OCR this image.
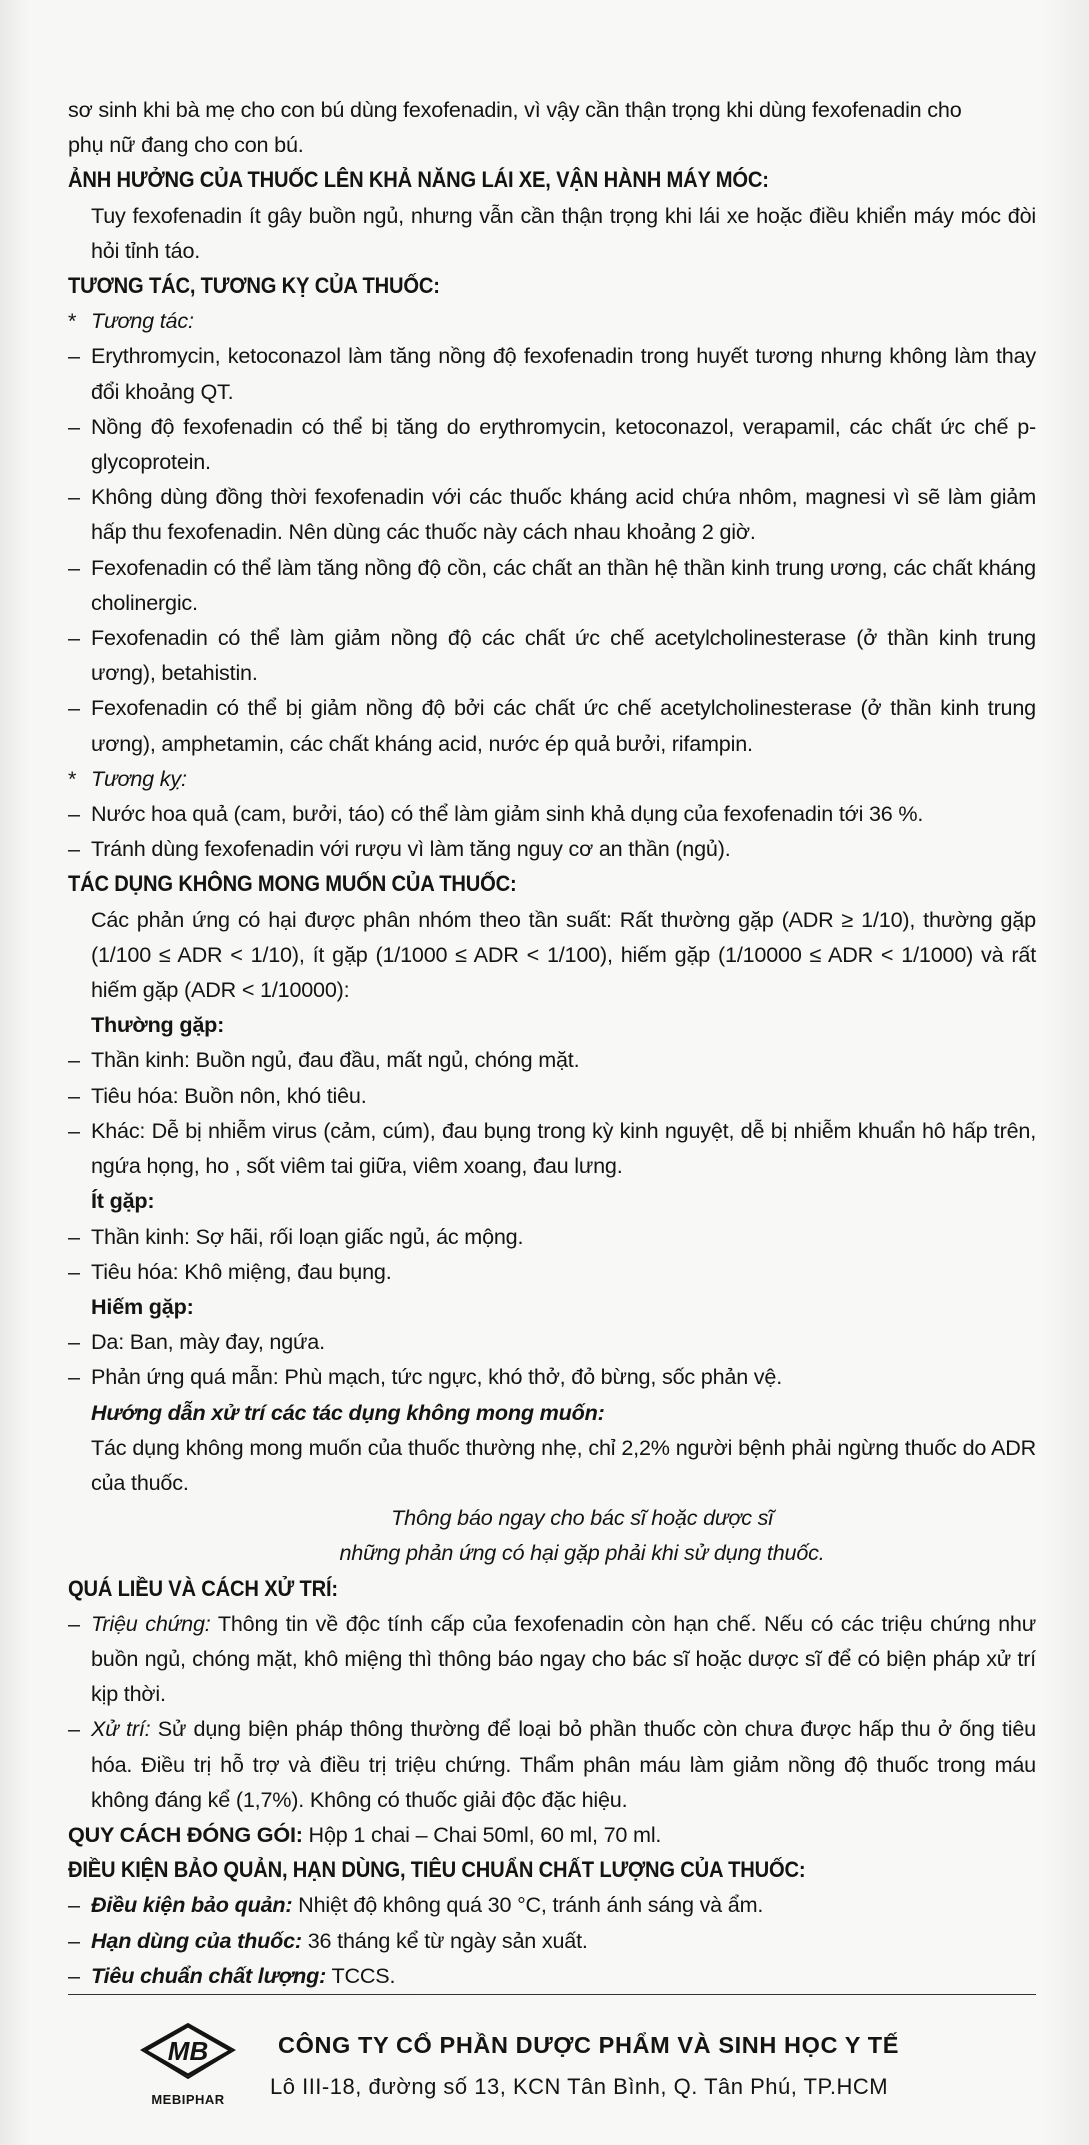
sơ sinh khi bà mẹ cho con bú dùng fexofenadin, vì vậy cần thận trọng khi dùng fexofenadin cho

phụ nữ đang cho con bú.

ẢNH HƯỞNG CỦA THUỐC LÊN KHẢ NĂNG LÁI XE, VẬN HÀNH MÁY MÓC:

Tuy fexofenadin ít gây buồn ngủ, nhưng vẫn cần thận trọng khi lái xe hoặc điều khiển máy móc đòi hỏi tỉnh táo.

TƯƠNG TÁC, TƯƠNG KỴ CỦA THUỐC:

* Tương tác:

– Erythromycin, ketoconazol làm tăng nồng độ fexofenadin trong huyết tương nhưng không làm thay đổi khoảng QT.

– Nồng độ fexofenadin có thể bị tăng do erythromycin, ketoconazol, verapamil, các chất ức chế p-glycoprotein.

– Không dùng đồng thời fexofenadin với các thuốc kháng acid chứa nhôm, magnesi vì sẽ làm giảm hấp thu fexofenadin. Nên dùng các thuốc này cách nhau khoảng 2 giờ.

– Fexofenadin có thể làm tăng nồng độ cồn, các chất an thần hệ thần kinh trung ương, các chất kháng cholinergic.

– Fexofenadin có thể làm giảm nồng độ các chất ức chế acetylcholinesterase (ở thần kinh trung ương), betahistin.

– Fexofenadin có thể bị giảm nồng độ bởi các chất ức chế acetylcholinesterase (ở thần kinh trung ương), amphetamin, các chất kháng acid, nước ép quả bưởi, rifampin.

* Tương kỵ:

– Nước hoa quả (cam, bưởi, táo) có thể làm giảm sinh khả dụng của fexofenadin tới 36 %.

– Tránh dùng fexofenadin với rượu vì làm tăng nguy cơ an thần (ngủ).

TÁC DỤNG KHÔNG MONG MUỐN CỦA THUỐC:

Các phản ứng có hại được phân nhóm theo tần suất: Rất thường gặp (ADR ≥ 1/10), thường gặp (1/100 ≤ ADR < 1/10), ít gặp (1/1000 ≤ ADR < 1/100), hiếm gặp (1/10000 ≤ ADR < 1/1000) và rất hiếm gặp (ADR < 1/10000):

Thường gặp:

– Thần kinh: Buồn ngủ, đau đầu, mất ngủ, chóng mặt.

– Tiêu hóa: Buồn nôn, khó tiêu.

– Khác: Dễ bị nhiễm virus (cảm, cúm), đau bụng trong kỳ kinh nguyệt, dễ bị nhiễm khuẩn hô hấp trên, ngứa họng, ho , sốt viêm tai giữa, viêm xoang, đau lưng.

Ít gặp:

– Thần kinh: Sợ hãi, rối loạn giấc ngủ, ác mộng.

– Tiêu hóa: Khô miệng, đau bụng.

Hiếm gặp:

– Da: Ban, mày đay, ngứa.

– Phản ứng quá mẫn: Phù mạch, tức ngực, khó thở, đỏ bừng, sốc phản vệ.

Hướng dẫn xử trí các tác dụng không mong muốn:

Tác dụng không mong muốn của thuốc thường nhẹ, chỉ 2,2% người bệnh phải ngừng thuốc do ADR của thuốc.

Thông báo ngay cho bác sĩ hoặc dược sĩ

những phản ứng có hại gặp phải khi sử dụng thuốc.

QUÁ LIỀU VÀ CÁCH XỬ TRÍ:

– Triệu chứng: Thông tin về độc tính cấp của fexofenadin còn hạn chế. Nếu có các triệu chứng như buồn ngủ, chóng mặt, khô miệng thì thông báo ngay cho bác sĩ hoặc dược sĩ để có biện pháp xử trí kịp thời.

– Xử trí: Sử dụng biện pháp thông thường để loại bỏ phần thuốc còn chưa được hấp thu ở ống tiêu hóa. Điều trị hỗ trợ và điều trị triệu chứng. Thẩm phân máu làm giảm nồng độ thuốc trong máu không đáng kể (1,7%). Không có thuốc giải độc đặc hiệu.

QUY CÁCH ĐÓNG GÓI: Hộp 1 chai – Chai 50ml, 60 ml, 70 ml.

ĐIỀU KIỆN BẢO QUẢN, HẠN DÙNG, TIÊU CHUẨN CHẤT LƯỢNG CỦA THUỐC:

– Điều kiện bảo quản: Nhiệt độ không quá 30 °C, tránh ánh sáng và ẩm.

– Hạn dùng của thuốc: 36 tháng kể từ ngày sản xuất.

– Tiêu chuẩn chất lượng: TCCS.

MB
MEBIPHAR
CÔNG TY CỔ PHẦN DƯỢC PHẨM VÀ SINH HỌC Y TẾ
Lô III-18, đường số 13, KCN Tân Bình, Q. Tân Phú, TP.HCM
